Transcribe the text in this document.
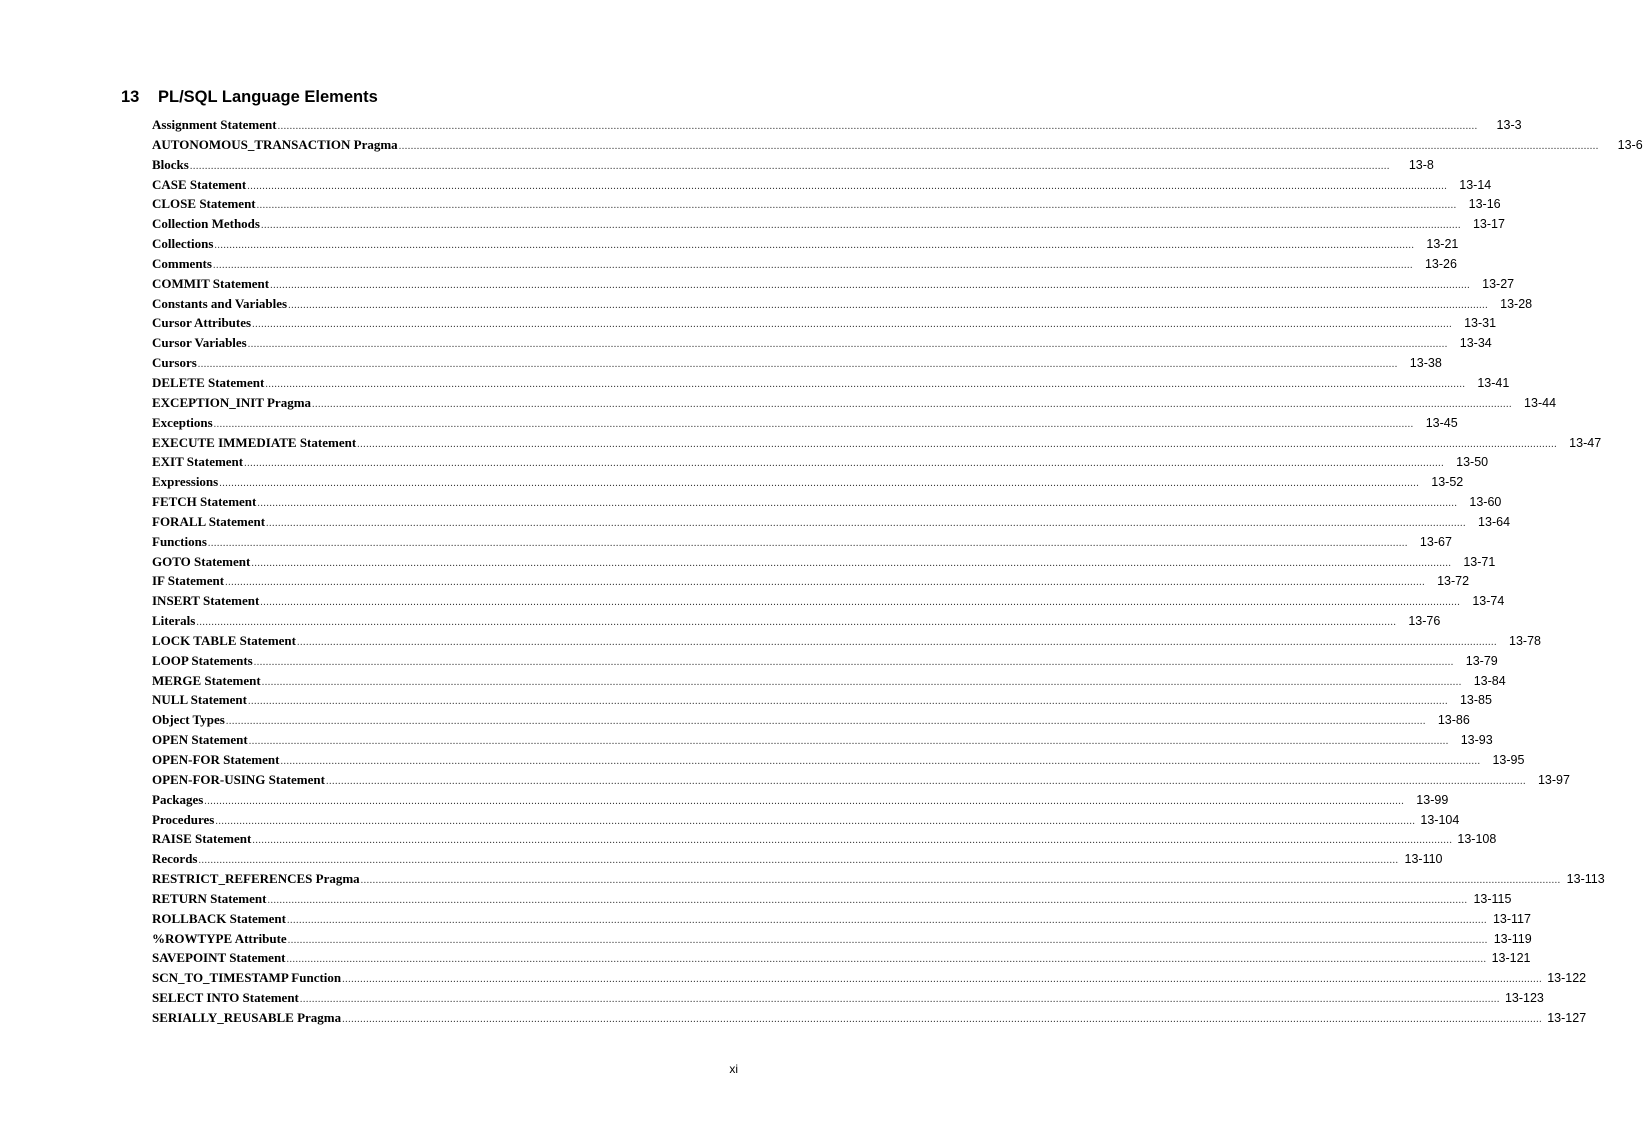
13	PL/SQL Language Elements
Assignment Statement ................................................................................................................................................................................................................................................................................................................................................................................................................	13-3
AUTONOMOUS_TRANSACTION Pragma ................................................................................................................................................................................................................................................................................................................................................................................................................	13-6
Blocks ................................................................................................................................................................................................................................................................................................................................................................................................................	13-8
CASE Statement ................................................................................................................................................................................................................................................................................................................................................................................................................ 13-14
CLOSE Statement ................................................................................................................................................................................................................................................................................................................................................................................................................ 13-16
Collection Methods ................................................................................................................................................................................................................................................................................................................................................................................................................ 13-17
Collections ................................................................................................................................................................................................................................................................................................................................................................................................................ 13-21
Comments ................................................................................................................................................................................................................................................................................................................................................................................................................ 13-26
COMMIT Statement ................................................................................................................................................................................................................................................................................................................................................................................................................ 13-27
Constants and Variables ................................................................................................................................................................................................................................................................................................................................................................................................................ 13-28
Cursor Attributes ................................................................................................................................................................................................................................................................................................................................................................................................................ 13-31
Cursor Variables ................................................................................................................................................................................................................................................................................................................................................................................................................ 13-34
Cursors ................................................................................................................................................................................................................................................................................................................................................................................................................ 13-38
DELETE Statement ................................................................................................................................................................................................................................................................................................................................................................................................................ 13-41
EXCEPTION_INIT Pragma ................................................................................................................................................................................................................................................................................................................................................................................................................ 13-44
Exceptions ................................................................................................................................................................................................................................................................................................................................................................................................................ 13-45
EXECUTE IMMEDIATE Statement ................................................................................................................................................................................................................................................................................................................................................................................................................ 13-47
EXIT Statement ................................................................................................................................................................................................................................................................................................................................................................................................................ 13-50
Expressions ................................................................................................................................................................................................................................................................................................................................................................................................................ 13-52
FETCH Statement ................................................................................................................................................................................................................................................................................................................................................................................................................ 13-60
FORALL Statement ................................................................................................................................................................................................................................................................................................................................................................................................................ 13-64
Functions ................................................................................................................................................................................................................................................................................................................................................................................................................ 13-67
GOTO Statement ................................................................................................................................................................................................................................................................................................................................................................................................................ 13-71
IF Statement ................................................................................................................................................................................................................................................................................................................................................................................................................ 13-72
INSERT Statement ................................................................................................................................................................................................................................................................................................................................................................................................................ 13-74
Literals ................................................................................................................................................................................................................................................................................................................................................................................................................ 13-76
LOCK TABLE Statement ................................................................................................................................................................................................................................................................................................................................................................................................................ 13-78
LOOP Statements ................................................................................................................................................................................................................................................................................................................................................................................................................ 13-79
MERGE Statement ................................................................................................................................................................................................................................................................................................................................................................................................................ 13-84
NULL Statement ................................................................................................................................................................................................................................................................................................................................................................................................................ 13-85
Object Types ................................................................................................................................................................................................................................................................................................................................................................................................................ 13-86
OPEN Statement ................................................................................................................................................................................................................................................................................................................................................................................................................ 13-93
OPEN-FOR Statement ................................................................................................................................................................................................................................................................................................................................................................................................................ 13-95
OPEN-FOR-USING Statement ................................................................................................................................................................................................................................................................................................................................................................................................................ 13-97
Packages ................................................................................................................................................................................................................................................................................................................................................................................................................ 13-99
Procedures ................................................................................................................................................................................................................................................................................................................................................................................................................ 13-104
RAISE Statement ................................................................................................................................................................................................................................................................................................................................................................................................................ 13-108
Records ................................................................................................................................................................................................................................................................................................................................................................................................................ 13-110
RESTRICT_REFERENCES Pragma ................................................................................................................................................................................................................................................................................................................................................................................................................ 13-113
RETURN Statement ................................................................................................................................................................................................................................................................................................................................................................................................................ 13-115
ROLLBACK Statement ................................................................................................................................................................................................................................................................................................................................................................................................................ 13-117
%ROWTYPE Attribute ................................................................................................................................................................................................................................................................................................................................................................................................................ 13-119
SAVEPOINT Statement ................................................................................................................................................................................................................................................................................................................................................................................................................ 13-121
SCN_TO_TIMESTAMP Function ................................................................................................................................................................................................................................................................................................................................................................................................................ 13-122
SELECT INTO Statement ................................................................................................................................................................................................................................................................................................................................................................................................................ 13-123
SERIALLY_REUSABLE Pragma ................................................................................................................................................................................................................................................................................................................................................................................................................ 13-127
xi
